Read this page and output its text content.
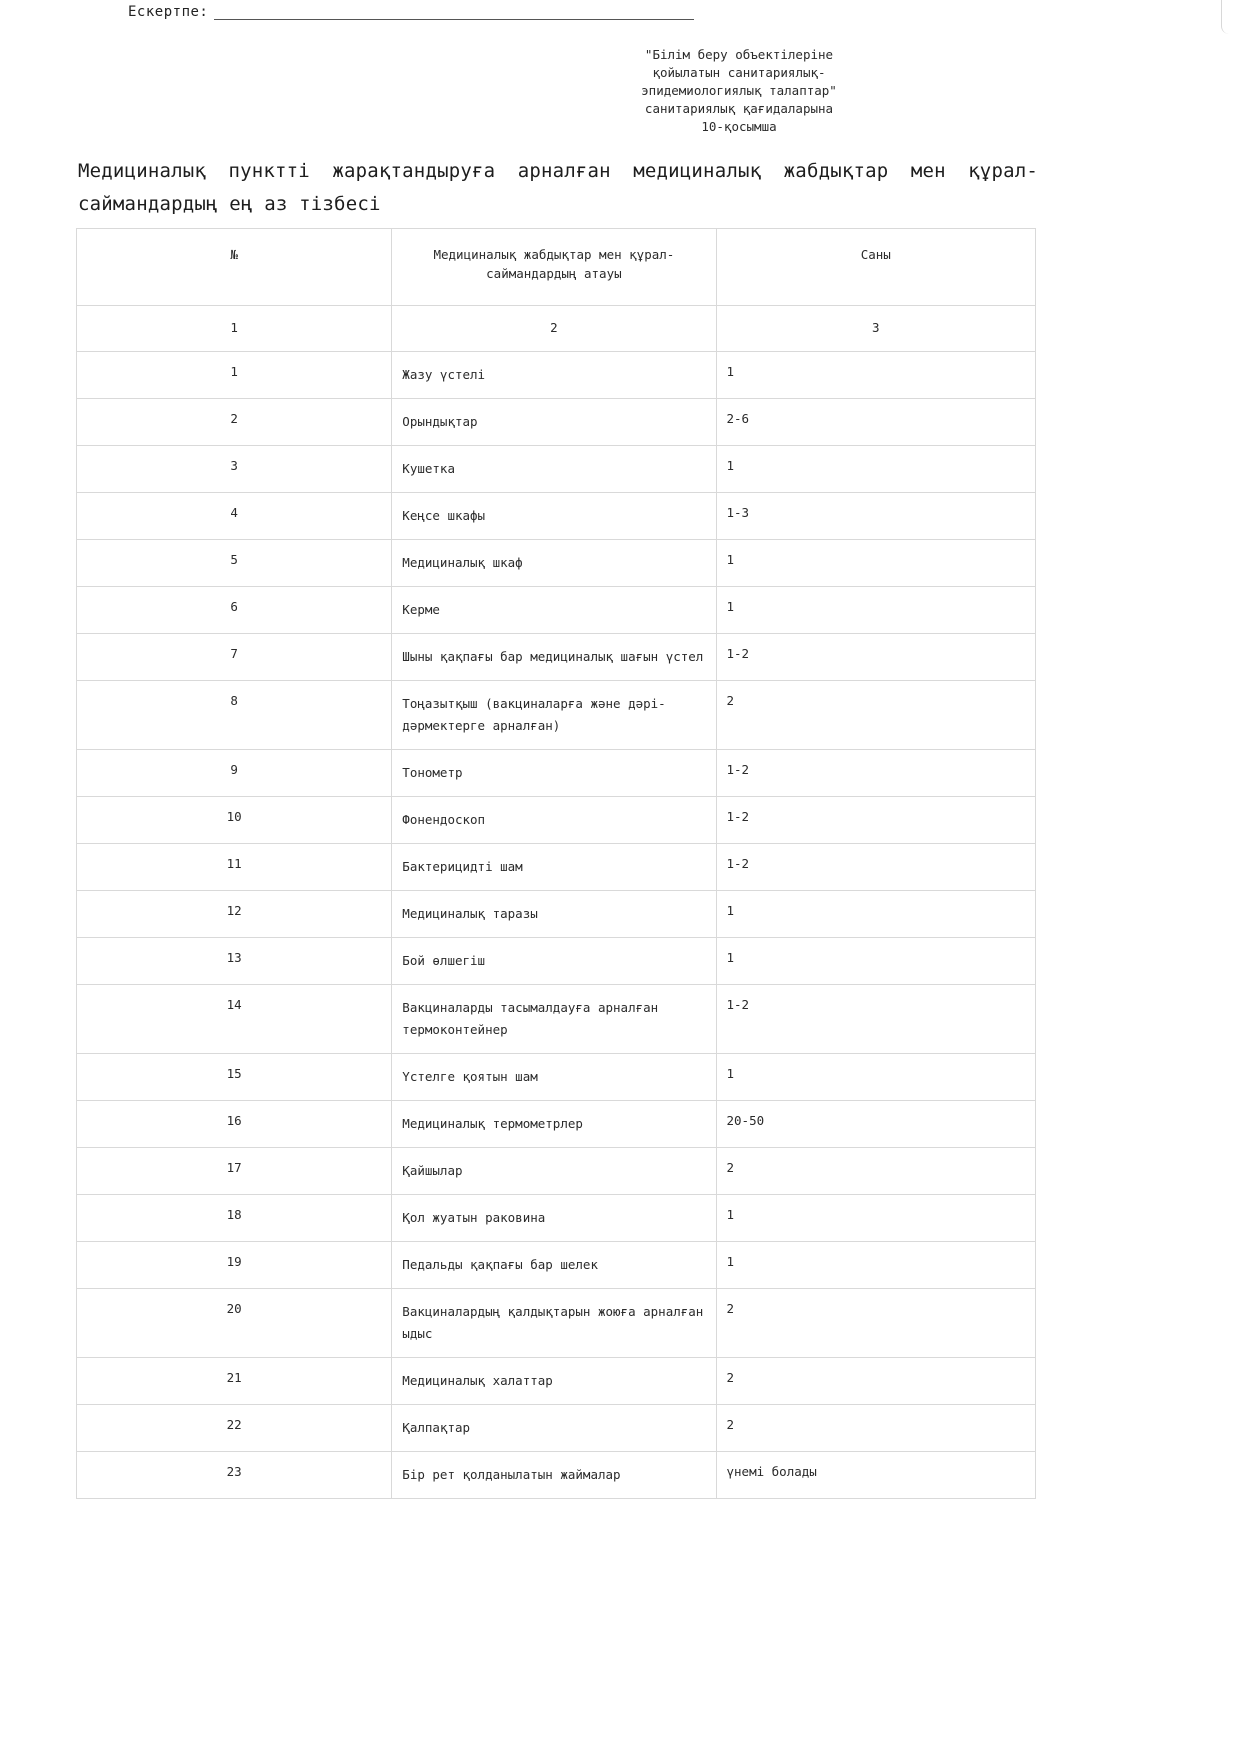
Ескертпе:
"Білім беру объектілеріне
қойылатын санитариялық-
эпидемиологиялық талаптар"
санитариялық қағидаларына
10-қосымша
Медициналық пунктті жарақтандыруға арналған медициналық жабдықтар мен құрал-саймандардың ең аз тізбесі
№	Медициналық жабдықтар мен құрал-саймандардың атауы	Саны
1	2	3
1	Жазу үстелі	1
2	Орындықтар	2-6
3	Кушетка	1
4	Кеңсе шкафы	1-3
5	Медициналық шкаф	1
6	Керме	1
7	Шыны қақпағы бар медициналық шағын үстел	1-2
8	Тоңазытқыш (вакциналарға және дәрі-дәрмектерге арналған)	2
9	Тонометр	1-2
10	Фонендоскоп	1-2
11	Бактерицидті шам	1-2
12	Медициналық таразы	1
13	Бой өлшегіш	1
14	Вакциналарды тасымалдауға арналған термоконтейнер	1-2
15	Үстелге қоятын шам	1
16	Медициналық термометрлер	20-50
17	Қайшылар	2
18	Қол жуатын раковина	1
19	Педальды қақпағы бар шелек	1
20	Вакциналардың қалдықтарын жоюға арналған ыдыс	2
21	Медициналық халаттар	2
22	Қалпақтар	2
23	Бір рет қолданылатын жаймалар	үнемі болады
